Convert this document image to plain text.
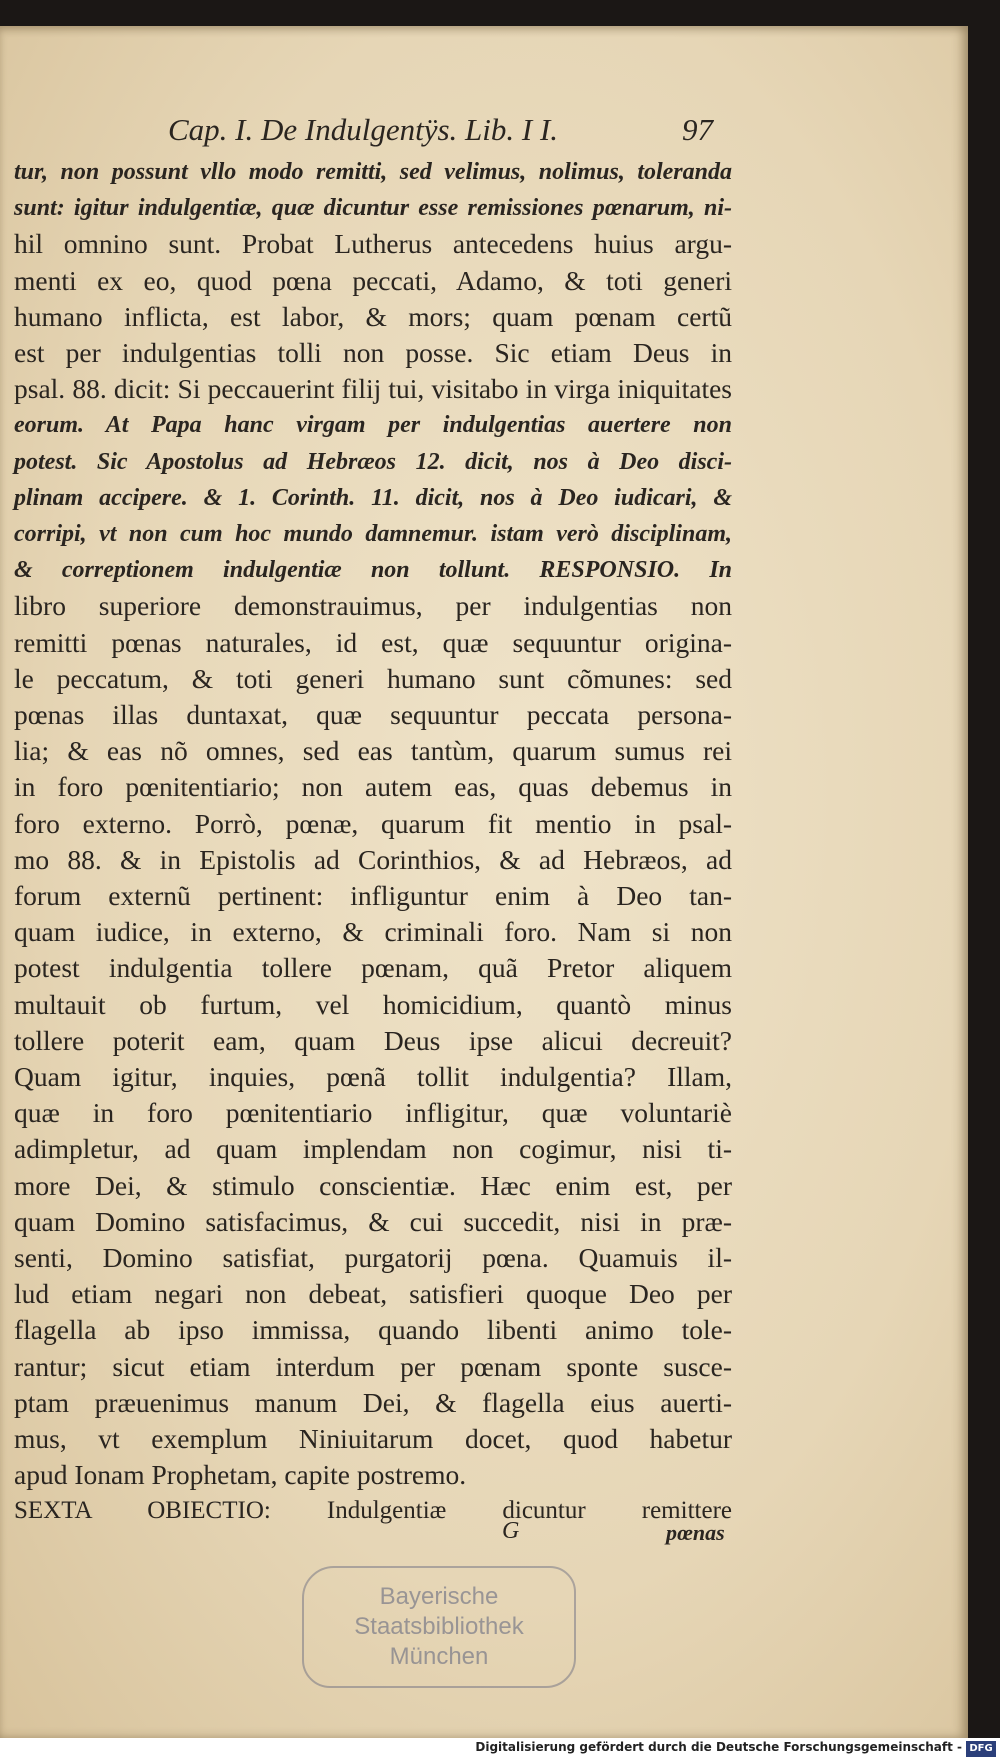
Cap. I. De Indulgentÿs. Lib. I I.	97
tur, non possunt vllo modo remitti, sed velimus, nolimus, toleranda
sunt: igitur indulgentiæ, quæ dicuntur esse remissiones pœnarum, ni-
hil omnino sunt. Probat Lutherus antecedens huius argu-
menti ex eo, quod pœna peccati, Adamo, & toti generi
humano inflicta, est labor, & mors; quam pœnam certũ
est per indulgentias tolli non posse. Sic etiam Deus in
psal. 88. dicit: Si peccauerint filij tui, visitabo in virga iniquitates
eorum. At Papa hanc virgam per indulgentias auertere non
potest. Sic Apostolus ad Hebræos 12. dicit, nos à Deo disci-
plinam accipere. & 1. Corinth. 11. dicit, nos à Deo iudicari, &
corripi, vt non cum hoc mundo damnemur. istam verò disciplinam,
& correptionem indulgentiæ non tollunt. RESPONSIO. In
libro superiore demonstrauimus, per indulgentias non
remitti pœnas naturales, id est, quæ sequuntur origina-
le peccatum, & toti generi humano sunt cõmunes: sed
pœnas illas duntaxat, quæ sequuntur peccata persona-
lia; & eas nõ omnes, sed eas tantùm, quarum sumus rei
in foro pœnitentiario; non autem eas, quas debemus in
foro externo. Porrò, pœnæ, quarum fit mentio in psal-
mo 88. & in Epistolis ad Corinthios, & ad Hebræos, ad
forum externũ pertinent: infliguntur enim à Deo tan-
quam iudice, in externo, & criminali foro. Nam si non
potest indulgentia tollere pœnam, quã Pretor aliquem
multauit ob furtum, vel homicidium, quantò minus
tollere poterit eam, quam Deus ipse alicui decreuit?
Quam igitur, inquies, pœnã tollit indulgentia? Illam,
quæ in foro pœnitentiario infligitur, quæ voluntariè
adimpletur, ad quam implendam non cogimur, nisi ti-
more Dei, & stimulo conscientiæ. Hæc enim est, per
quam Domino satisfacimus, & cui succedit, nisi in præ-
senti, Domino satisfiat, purgatorij pœna. Quamuis il-
lud etiam negari non debeat, satisfieri quoque Deo per
flagella ab ipso immissa, quando libenti animo tole-
rantur; sicut etiam interdum per pœnam sponte susce-
ptam præuenimus manum Dei, & flagella eius auerti-
mus, vt exemplum Niniuitarum docet, quod habetur
apud Ionam Prophetam, capite postremo.
SEXTA OBIECTIO: Indulgentiæ dicuntur remittere
G	pœnas
Bayerische
Staatsbibliothek
München
Digitalisierung gefördert durch die Deutsche Forschungsgemeinschaft - DFG
